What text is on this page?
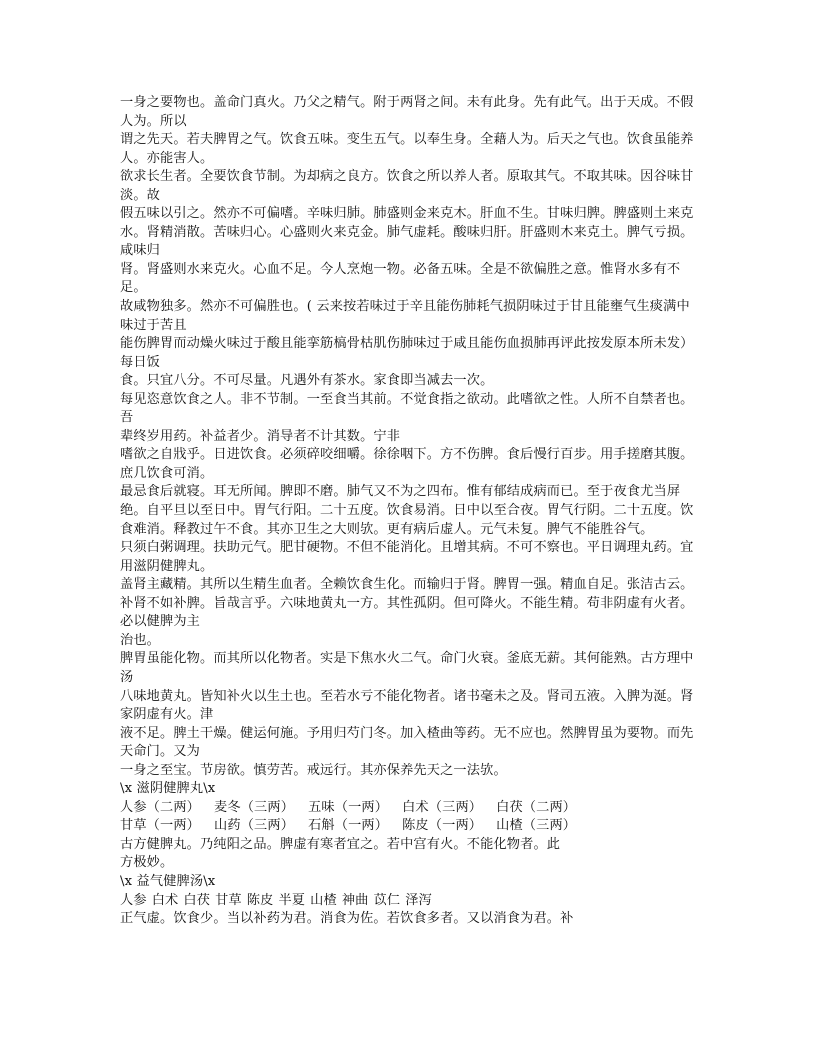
一身之要物也。盖命门真火。乃父之精气。附于两肾之间。未有此身。先有此气。出于天成。不假人为。所以

谓之先天。若夫脾胃之气。饮食五味。变生五气。以奉生身。全藉人为。后天之气也。饮食虽能养人。亦能害人。

欲求长生者。全要饮食节制。为却病之良方。饮食之所以养人者。原取其气。不取其味。因谷味甘淡。故

假五味以引之。然亦不可偏嗜。辛味归肺。肺盛则金来克木。肝血不生。甘味归脾。脾盛则土来克水。肾精消散。苦味归心。心盛则火来克金。肺气虚耗。酸味归肝。肝盛则木来克土。脾气亏损。咸味归

肾。肾盛则水来克火。心血不足。今人烹炮一物。必备五味。全是不欲偏胜之意。惟肾水多有不足。

故咸物独多。然亦不可偏胜也。( 云来按若味过于辛且能伤肺耗气损阴味过于甘且能壅气生痰满中味过于苦且

能伤脾胃而动燥火味过于酸且能挛筋槁骨枯肌伤肺味过于咸且能伤血损肺再评此按发原本所未发）每日饭

食。只宜八分。不可尽量。凡遇外有茶水。家食即当减去一次。

每见恣意饮食之人。非不节制。一至食当其前。不觉食指之欲动。此嗜欲之性。人所不自禁者也。吾

辈终岁用药。补益者少。消导者不计其数。宁非

嗜欲之自戕乎。日进饮食。必须碎咬细嚼。徐徐咽下。方不伤脾。食后慢行百步。用手搓磨其腹。庶几饮食可消。

最忌食后就寝。耳无所闻。脾即不磨。肺气又不为之四布。惟有郁结成病而已。至于夜食尤当屏

绝。自平旦以至日中。胃气行阳。二十五度。饮食易消。日中以至合夜。胃气行阴。二十五度。饮食难消。释教过午不食。其亦卫生之大则欤。更有病后虚人。元气未复。脾气不能胜谷气。

只须白粥调理。扶助元气。肥甘硬物。不但不能消化。且增其病。不可不察也。平日调理丸药。宜用滋阴健脾丸。

盖肾主藏精。其所以生精生血者。全赖饮食生化。而输归于肾。脾胃一强。精血自足。张洁古云。补肾不如补脾。旨哉言乎。六味地黄丸一方。其性孤阴。但可降火。不能生精。苟非阴虚有火者。必以健脾为主

治也。

脾胃虽能化物。而其所以化物者。实是下焦水火二气。命门火衰。釜底无薪。其何能熟。古方理中汤

八味地黄丸。皆知补火以生土也。至若水亏不能化物者。诸书毫未之及。肾司五液。入脾为涎。肾家阴虚有火。津

液不足。脾土干燥。健运何施。予用归芍门冬。加入楂曲等药。无不应也。然脾胃虽为要物。而先天命门。又为

一身之至宝。节房欲。慎劳苦。戒远行。其亦保养先天之一法欤。

\x 滋阴健脾丸\x

人参（二两） 麦冬（三两） 五味（一两） 白术（三两） 白茯（二两）
甘草（一两） 山药（三两） 石斛（一两） 陈皮（一两） 山楂（三两）

古方健脾丸。乃纯阳之品。脾虚有寒者宜之。若中宫有火。不能化物者。此

方极妙。

\x 益气健脾汤\x

人参 白术 白茯 甘草 陈皮 半夏 山楂 神曲 苡仁 泽泻

正气虚。饮食少。当以补药为君。消食为佐。若饮食多者。又以消食为君。补
